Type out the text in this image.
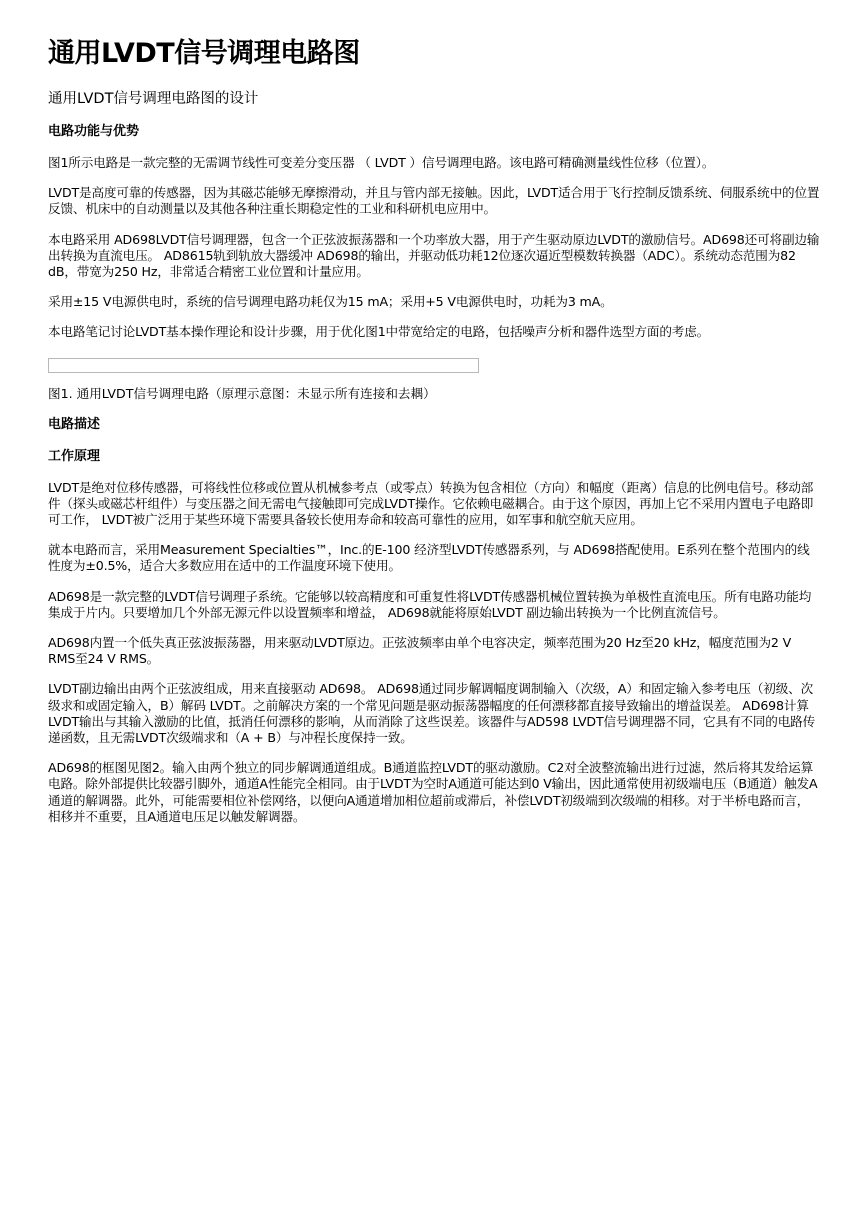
通用LVDT信号调理电路图
通用LVDT信号调理电路图的设计
电路功能与优势

图1所示电路是一款完整的无需调节线性可变差分变压器 （ LVDT ）信号调理电路。该电路可精确测量线性位移（位置）。

LVDT是高度可靠的传感器，因为其磁芯能够无摩擦滑动，并且与管内部无接触。因此，LVDT适合用于飞行控制反馈系统、伺服系统中的位置反馈、机床中的自动测量以及其他各种注重长期稳定性的工业和科研机电应用中。

本电路采用 AD698LVDT信号调理器，包含一个正弦波振荡器和一个功率放大器，用于产生驱动原边LVDT的激励信号。AD698还可将副边输出转换为直流电压。 AD8615轨到轨放大器缓冲 AD698的输出，并驱动低功耗12位逐次逼近型模数转换器（ADC）。系统动态范围为82 dB，带宽为250 Hz，非常适合精密工业位置和计量应用。

采用±15 V电源供电时，系统的信号调理电路功耗仅为15 mA；采用+5 V电源供电时，功耗为3 mA。

本电路笔记讨论LVDT基本操作理论和设计步骤，用于优化图1中带宽给定的电路，包括噪声分析和器件选型方面的考虑。

图1. 通用LVDT信号调理电路（原理示意图：未显示所有连接和去耦）
电路描述
工作原理

LVDT是绝对位移传感器，可将线性位移或位置从机械参考点（或零点）转换为包含相位（方向）和幅度（距离）信息的比例电信号。移动部件（探头或磁芯杆组件）与变压器之间无需电气接触即可完成LVDT操作。它依赖电磁耦合。由于这个原因，再加上它不采用内置电子电路即可工作， LVDT被广泛用于某些环境下需要具备较长使用寿命和较高可靠性的应用，如军事和航空航天应用。

就本电路而言，采用Measurement Specialties™，Inc.的E-100 经济型LVDT传感器系列，与 AD698搭配使用。E系列在整个范围内的线性度为±0.5%，适合大多数应用在适中的工作温度环境下使用。

AD698是一款完整的LVDT信号调理子系统。它能够以较高精度和可重复性将LVDT传感器机械位置转换为单极性直流电压。所有电路功能均集成于片内。只要增加几个外部无源元件以设置频率和增益， AD698就能将原始LVDT 副边输出转换为一个比例直流信号。

AD698内置一个低失真正弦波振荡器，用来驱动LVDT原边。正弦波频率由单个电容决定，频率范围为20 Hz至20 kHz，幅度范围为2 V RMS至24 V RMS。

LVDT副边输出由两个正弦波组成，用来直接驱动 AD698。 AD698通过同步解调幅度调制输入（次级，A）和固定输入参考电压（初级、次级求和或固定输入，B）解码 LVDT。之前解决方案的一个常见问题是驱动振荡器幅度的任何漂移都直接导致输出的增益误差。 AD698计算 LVDT输出与其输入激励的比值，抵消任何漂移的影响，从而消除了这些误差。该器件与AD598 LVDT信号调理器不同，它具有不同的电路传递函数，且无需LVDT次级端求和（A + B）与冲程长度保持一致。

AD698的框图见图2。输入由两个独立的同步解调通道组成。B通道监控LVDT的驱动激励。C2对全波整流输出进行过滤，然后将其发给运算电路。除外部提供比较器引脚外，通道A性能完全相同。由于LVDT为空时A通道可能达到0 V输出，因此通常使用初级端电压（B通道）触发A通道的解调器。此外，可能需要相位补偿网络，以便向A通道增加相位超前或滞后，补偿LVDT初级端到次级端的相移。对于半桥电路而言，相移并不重要，且A通道电压足以触发解调器。
